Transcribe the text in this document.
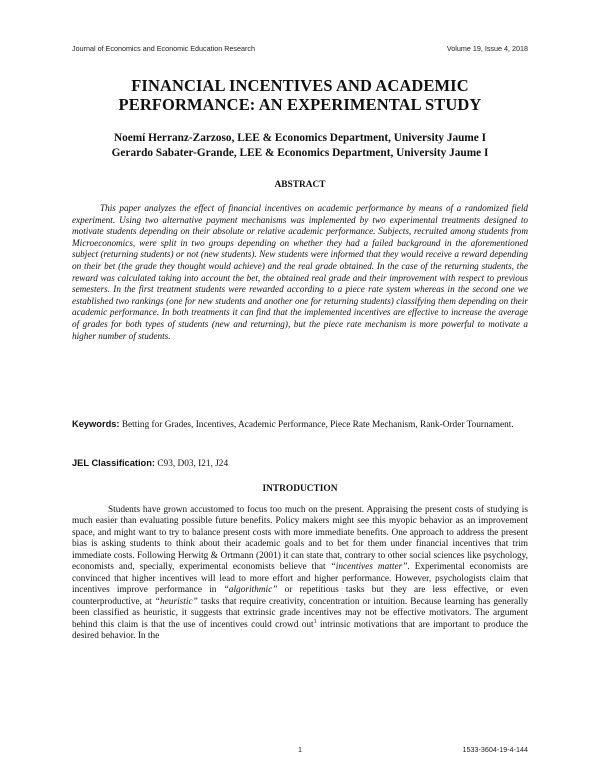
Journal of Economics and Economic Education Research	Volume 19, Issue 4, 2018
FINANCIAL INCENTIVES AND ACADEMIC
PERFORMANCE: AN EXPERIMENTAL STUDY
Noemí Herranz-Zarzoso, LEE & Economics Department, University Jaume I
Gerardo Sabater-Grande, LEE & Economics Department, University Jaume I
ABSTRACT
This paper analyzes the effect of financial incentives on academic performance by means of a randomized field experiment. Using two alternative payment mechanisms was implemented by two experimental treatments designed to motivate students depending on their absolute or relative academic performance. Subjects, recruited among students from Microeconomics, were split in two groups depending on whether they had a failed background in the aforementioned subject (returning students) or not (new students). New students were informed that they would receive a reward depending on their bet (the grade they thought would achieve) and the real grade obtained. In the case of the returning students, the reward was calculated taking into account the bet, the obtained real grade and their improvement with respect to previous semesters. In the first treatment students were rewarded according to a piece rate system whereas in the second one we established two rankings (one for new students and another one for returning students) classifying them depending on their academic performance. In both treatments it can find that the implemented incentives are effective to increase the average of grades for both types of students (new and returning), but the piece rate mechanism is more powerful to motivate a higher number of students.
Keywords: Betting for Grades, Incentives, Academic Performance, Piece Rate Mechanism, Rank-Order Tournament.
JEL Classification: C93, D03, I21, J24
INTRODUCTION
Students have grown accustomed to focus too much on the present. Appraising the present costs of studying is much easier than evaluating possible future benefits. Policy makers might see this myopic behavior as an improvement space, and might want to try to balance present costs with more immediate benefits. One approach to address the present bias is asking students to think about their academic goals and to bet for them under financial incentives that trim immediate costs. Following Herwitg & Ortmann (2001) it can state that, contrary to other social sciences like psychology, economists and, specially, experimental economists believe that “incentives matter”. Experimental economists are convinced that higher incentives will lead to more effort and higher performance. However, psychologists claim that incentives improve performance in “algorithmic” or repetitious tasks but they are less effective, or even counterproductive, at “heuristic” tasks that require creativity, concentration or intuition. Because learning has generally been classified as heuristic, it suggests that extrinsic grade incentives may not be effective motivators. The argument behind this claim is that the use of incentives could crowd out$^1$ intrinsic motivations that are important to produce the desired behavior. In the
1	1533-3604-19-4-144
